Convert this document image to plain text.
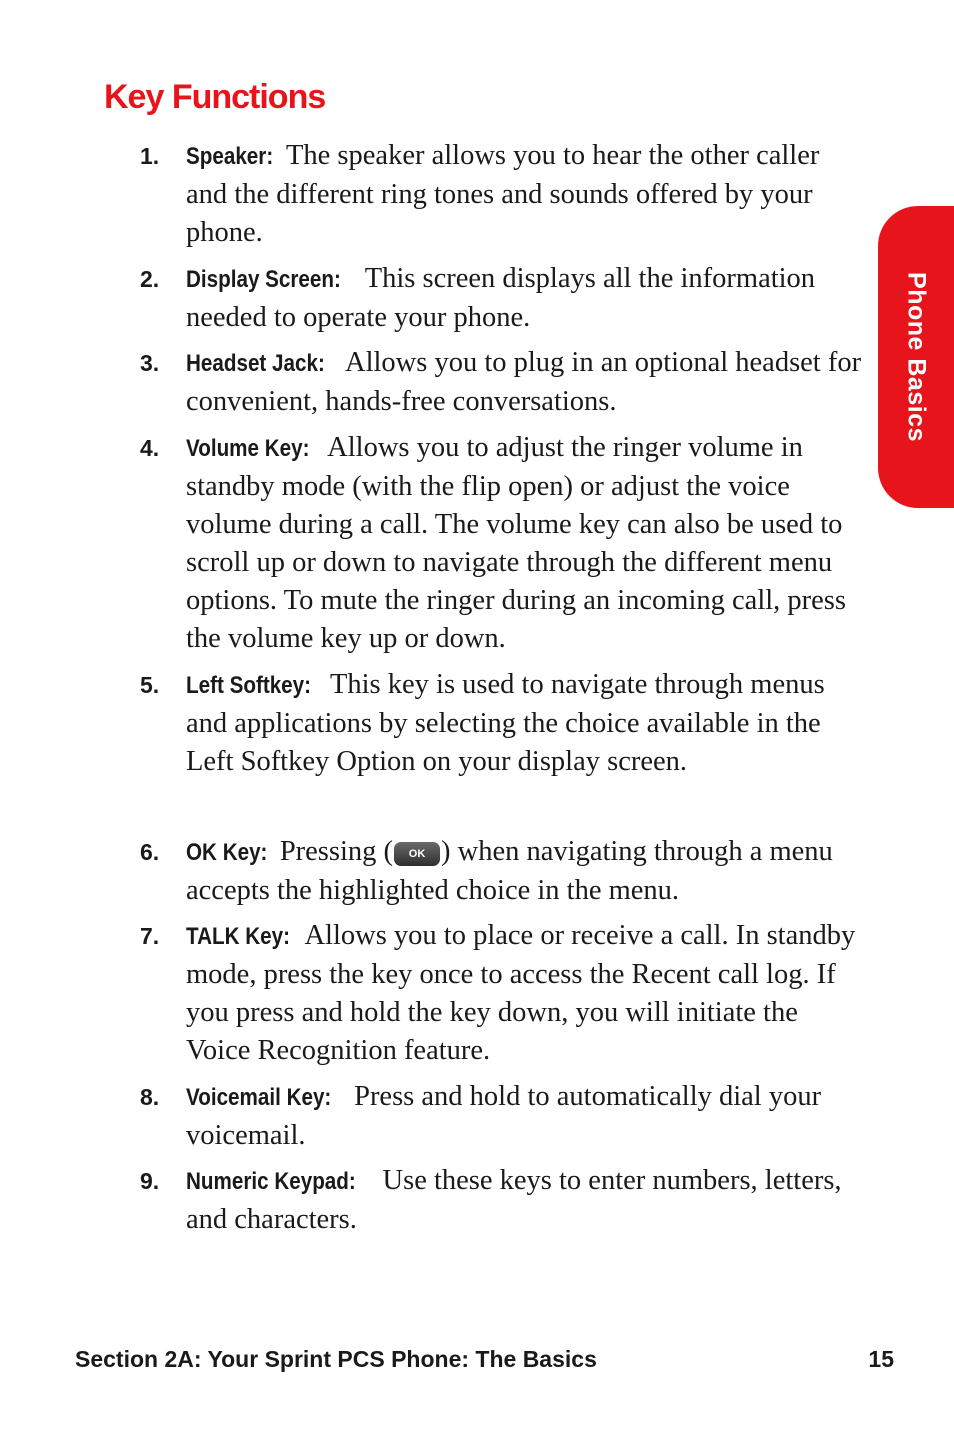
Key Functions
Phone Basics
1. Speaker: The speaker allows you to hear the other caller and the different ring tones and sounds offered by your phone.
2. Display Screen: This screen displays all the information needed to operate your phone.
3. Headset Jack: Allows you to plug in an optional headset for convenient, hands-free conversations.
4. Volume Key: Allows you to adjust the ringer volume in standby mode (with the flip open) or adjust the voice volume during a call. The volume key can also be used to scroll up or down to navigate through the different menu options. To mute the ringer during an incoming call, press the volume key up or down.
5. Left Softkey: This key is used to navigate through menus and applications by selecting the choice available in the Left Softkey Option on your display screen.
6. OK Key: Pressing ( OK ) when navigating through a menu accepts the highlighted choice in the menu.
7. TALK Key: Allows you to place or receive a call. In standby mode, press the key once to access the Recent call log. If you press and hold the key down, you will initiate the Voice Recognition feature.
8. Voicemail Key: Press and hold to automatically dial your voicemail.
9. Numeric Keypad: Use these keys to enter numbers, letters, and characters.
Section 2A: Your Sprint PCS Phone: The Basics	15
